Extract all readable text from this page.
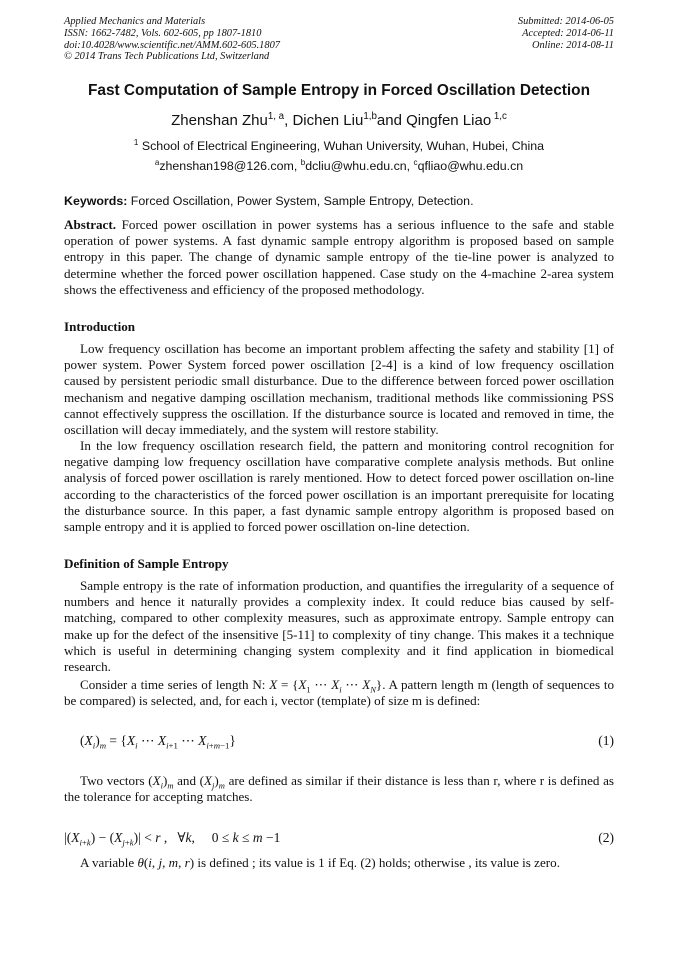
Applied Mechanics and Materials
ISSN: 1662-7482, Vols. 602-605, pp 1807-1810
doi:10.4028/www.scientific.net/AMM.602-605.1807
© 2014 Trans Tech Publications Ltd, Switzerland
Submitted: 2014-06-05
Accepted: 2014-06-11
Online: 2014-08-11
Fast Computation of Sample Entropy in Forced Oscillation Detection
Zhenshan Zhu$^{1, a}$, Dichen Liu$^{1,b}$and Qingfen Liao $^{1,c}$
$^1$ School of Electrical Engineering, Wuhan University, Wuhan, Hubei, China
$^a$zhenshan198@126.com, $^b$dcliu@whu.edu.cn, $^c$qfliao@whu.edu.cn
Keywords: Forced Oscillation, Power System, Sample Entropy, Detection.
Abstract. Forced power oscillation in power systems has a serious influence to the safe and stable operation of power systems. A fast dynamic sample entropy algorithm is proposed based on sample entropy in this paper. The change of dynamic sample entropy of the tie-line power is analyzed to determine whether the forced power oscillation happened. Case study on the 4-machine 2-area system shows the effectiveness and efficiency of the proposed methodology.
Introduction
Low frequency oscillation has become an important problem affecting the safety and stability [1] of power system. Power System forced power oscillation [2-4] is a kind of low frequency oscillation caused by persistent periodic small disturbance. Due to the difference between forced power oscillation mechanism and negative damping oscillation mechanism, traditional methods like commissioning PSS cannot effectively suppress the oscillation. If the disturbance source is located and removed in time, the oscillation will decay immediately, and the system will restore stability.
In the low frequency oscillation research field, the pattern and monitoring control recognition for negative damping low frequency oscillation have comparative complete analysis methods. But online analysis of forced power oscillation is rarely mentioned. How to detect forced power oscillation on-line according to the characteristics of the forced power oscillation is an important prerequisite for locating the disturbance source. In this paper, a fast dynamic sample entropy algorithm is proposed based on sample entropy and it is applied to forced power oscillation on-line detection.
Definition of Sample Entropy
Sample entropy is the rate of information production, and quantifies the irregularity of a sequence of numbers and hence it naturally provides a complexity index. It could reduce bias caused by self-matching, compared to other complexity measures, such as approximate entropy. Sample entropy can make up for the defect of the insensitive [5-11] to complexity of tiny change. This makes it a technique which is useful in determining changing system complexity and it find application in biomedical research.
Consider a time series of length N: $X = \{X_1$ ⋯ $X_i$ ⋯ $X_N$}. A pattern length m (length of sequences to be compared) is selected, and, for each i, vector (template) of size m is defined:
$(X_i)_m = \{X_i$ ⋯ $X_{i+1}$ ⋯ $X_{i+m-1}$}	(1)
Two vectors $(X_i)_m$ and $(X_j)_m$ are defined as similar if their distance is less than r, where r is defined as the tolerance for accepting matches.
$|(X_{i+k}) - (X_{j+k})| < r$ ,   ∀k,     0 ≤ k ≤ m −1	(2)
A variable θ(i, j, m, r) is defined ; its value is 1 if Eq. (2) holds; otherwise , its value is zero.
